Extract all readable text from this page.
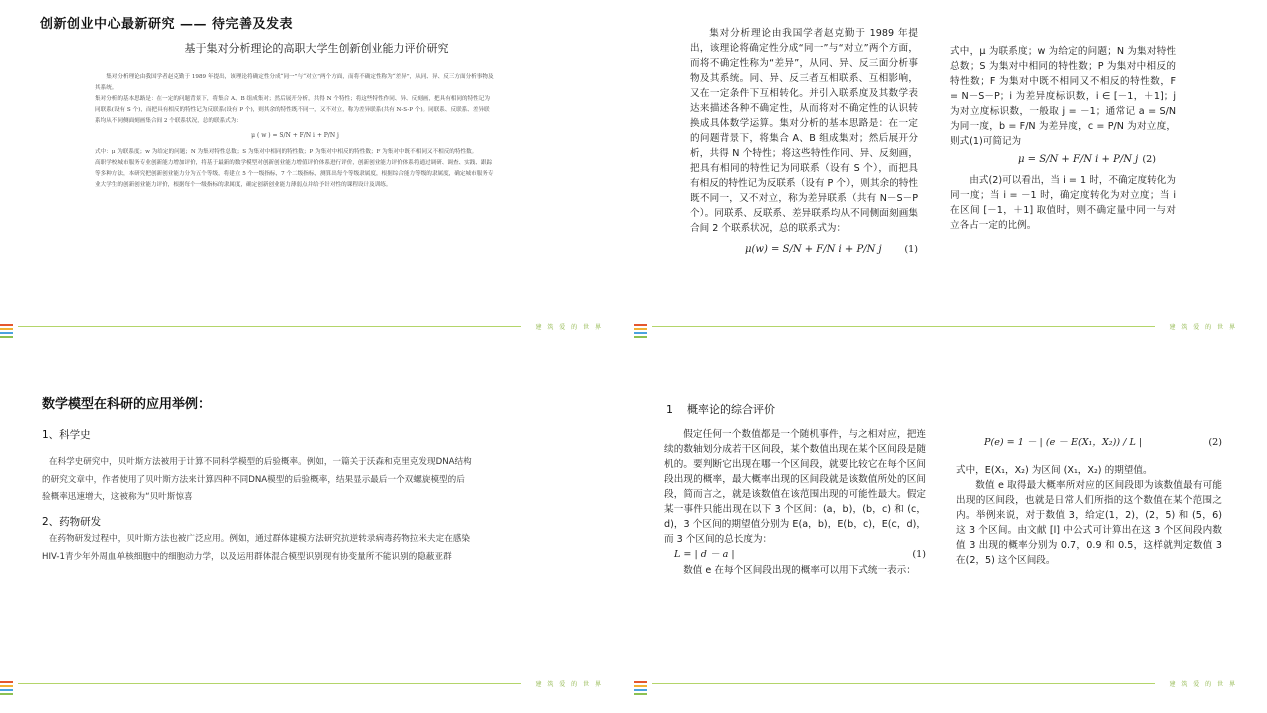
创新创业中心最新研究 —— 待完善及发表
基于集对分析理论的高职大学生创新创业能力评价研究

集对分析理论由我国学者赵克勤于 1989 年提出，该理论将确定性分成“同一”与“对立”两个方面，而将不确定性称为“差异”，从同、异、反三方面分析事物及其系统。

集对分析的基本思路是：在一定的问题背景下，将集合 A、B 组成集对；然后展开分析，共得 N 个特性；将这些特性作同、异、反刻画，把具有相同的特性记为同联系(设有 S 个)，而把具有相反的特性记为反联系(设有 P 个)，则其余的特性既不同一，又不对立，称为差异联系(共有 N-S-P 个)。同联系、反联系、差异联系均从不同侧面刻画集合间 2 个联系状况，总的联系式为：

μ ( w ) = S/N + F/N i + P/N j

式中：μ 为联系度；w 为给定的问题；N 为集对特性总数；S 为集对中相同的特性数；P 为集对中相反的特性数；F 为集对中既不相同又不相反的特性数。

高职学校城市服务专业创新能力增加评价，将基于最新的数学模型对创新创业能力增值评价体系进行评价，创新创业能力评价体系将通过调研、调查、实践、跟踪等多种方法，本研究把创新创业能力分为五个等级，将建立 5 个一级指标，7 个二级指标，测算出每个等级隶属度，根据综合能力等级的隶属度，确定城市服务专业大学生的创新创业能力评价，根据每个一级指标的隶属度，确定创新创业能力薄弱点并给予针对性的课程设计及训练。

建 筑 爱 的 世 界

集对分析理论由我国学者赵克勤于 1989 年提出，该理论将确定性分成“同一”与“对立”两个方面，而将不确定性称为“差异”，从同、异、反三面分析事物及其系统。同、异、反三者互相联系、互相影响，又在一定条件下互相转化。并引入联系度及其数学表达来描述各种不确定性，从而将对不确定性的认识转换成具体数学运算。集对分析的基本思路是：在一定的问题背景下，将集合 A、B 组成集对；然后展开分析，共得 N 个特性；将这些特性作同、异、反刻画，把具有相同的特性记为同联系（设有 S 个），而把具有相反的特性记为反联系（设有 P 个），则其余的特性既不同一，又不对立，称为差异联系（共有 N－S－P 个）。同联系、反联系、差异联系均从不同侧面刻画集合间 2 个联系状况，总的联系式为：

μ(w) = S/N + F/N i + P/N j (1)

式中，μ 为联系度；w 为给定的问题；N 为集对特性总数；S 为集对中相同的特性数；P 为集对中相反的特性数；F 为集对中既不相同又不相反的特性数，F = N－S－P；i 为差异度标识数，i ∈ [－1，＋1]；j 为对立度标识数，一般取 j = －1；通常记 a = S/N 为同一度，b = F/N 为差异度，c = P/N 为对立度，则式(1)可简记为

μ = S/N + F/N i + P/N j (2)

由式(2)可以看出，当 i = 1 时，不确定度转化为同一度；当 i = －1 时，确定度转化为对立度；当 i 在区间 [－1，＋1] 取值时，则不确定量中同一与对立各占一定的比例。

建 筑 爱 的 世 界
数学模型在科研的应用举例：
1、科学史

在科学史研究中，贝叶斯方法被用于计算不同科学模型的后验概率。例如，一篇关于沃森和克里克发现DNA结构的研究文章中，作者使用了贝叶斯方法来计算四种不同DNA模型的后验概率，结果显示最后一个双螺旋模型的后验概率迅速增大，这被称为“贝叶斯惊喜

2、药物研发

在药物研发过程中，贝叶斯方法也被广泛应用。例如，通过群体建模方法研究抗逆转录病毒药物拉米夫定在感染HIV-1青少年外周血单核细胞中的细胞动力学，以及运用群体混合模型识别现有协变量所不能识别的隐蔽亚群

建 筑 爱 的 世 界
1 概率论的综合评价

假定任何一个数值都是一个随机事件，与之相对应，把连续的数轴划分成若干区间段，某个数值出现在某个区间段是随机的。要判断它出现在哪一个区间段，就要比较它在每个区间段出现的概率，最大概率出现的区间段就是该数值所处的区间段，简而言之，就是该数值在该范围出现的可能性最大。假定某一事件只能出现在以下 3 个区间：(a，b)，(b，c) 和 (c，d)，3 个区间的期望值分别为 E(a，b)，E(b，c)，E(c，d)，而 3 个区间的总长度为：

L = | d － a |	(1)

数值 e 在每个区间段出现的概率可以用下式统一表示：

P(e) = 1 － | (e － E(X₁，X₂)) / L |	(2)

式中，E(X₁，X₂) 为区间 (X₁，X₂) 的期望值。

数值 e 取得最大概率所对应的区间段即为该数值最有可能出现的区间段，也就是日常人们所指的这个数值在某个范围之内。举例来说，对于数值 3，给定(1，2)，(2，5) 和 (5，6) 这 3 个区间。由文献 [l] 中公式可计算出在这 3 个区间段内数值 3 出现的概率分别为 0.7，0.9 和 0.5，这样就判定数值 3 在(2，5) 这个区间段。

建 筑 爱 的 世 界
